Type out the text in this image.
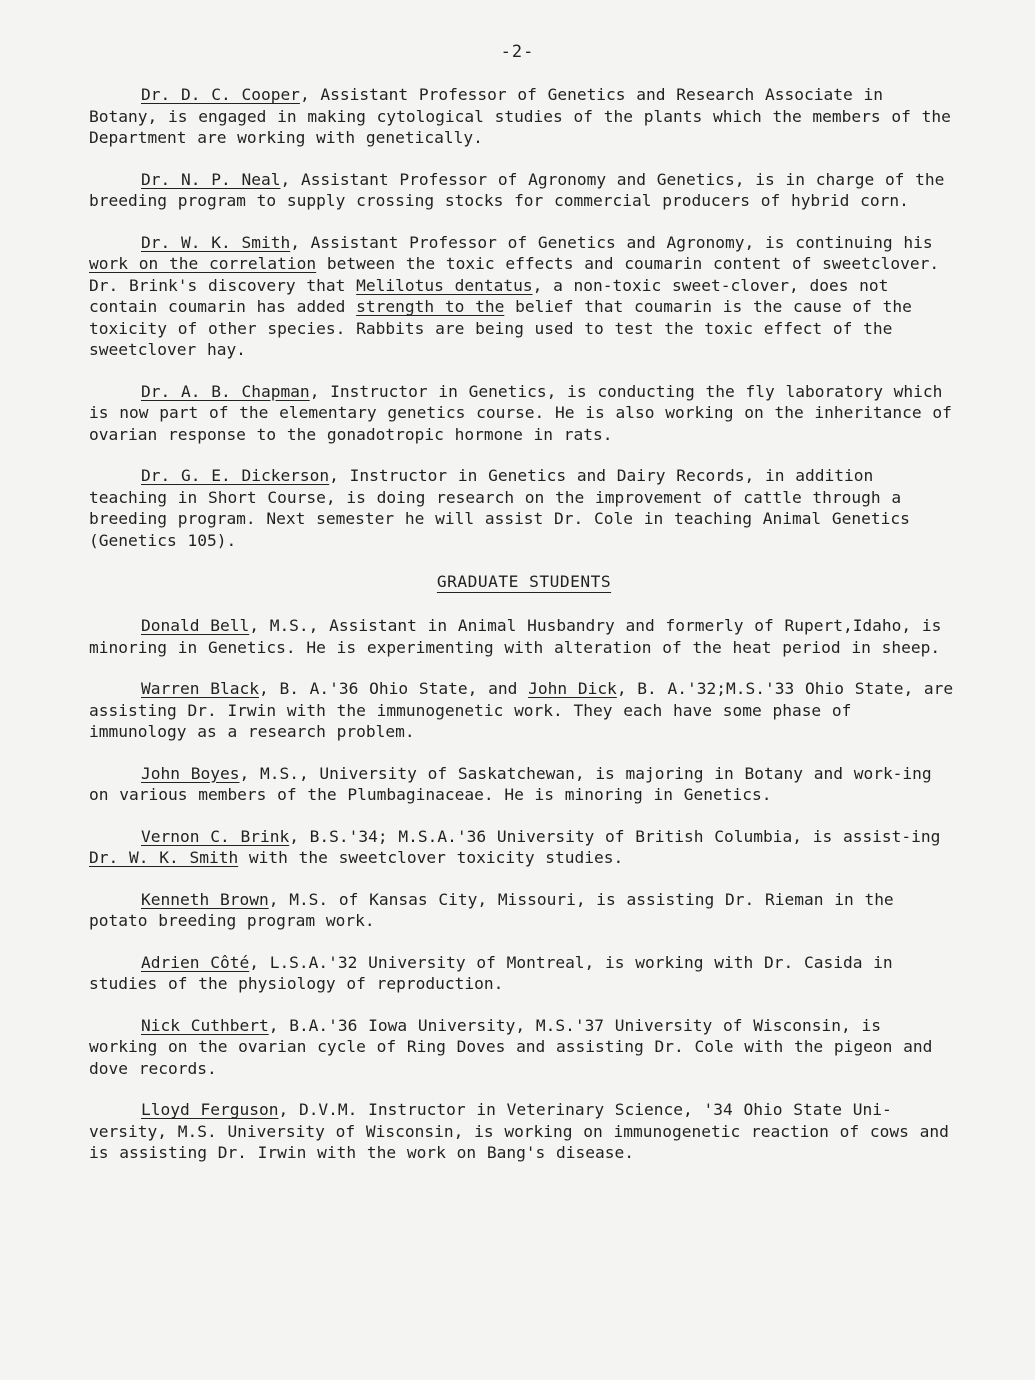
-2-

Dr. D. C. Cooper, Assistant Professor of Genetics and Research Associate in Botany, is engaged in making cytological studies of the plants which the members of the Department are working with genetically.

Dr. N. P. Neal, Assistant Professor of Agronomy and Genetics, is in charge of the breeding program to supply crossing stocks for commercial producers of hybrid corn.

Dr. W. K. Smith, Assistant Professor of Genetics and Agronomy, is continuing his work on the correlation between the toxic effects and coumarin content of sweetclover. Dr. Brink's discovery that Melilotus dentatus, a non-toxic sweet-clover, does not contain coumarin has added strength to the belief that coumarin is the cause of the toxicity of other species. Rabbits are being used to test the toxic effect of the sweetclover hay.

Dr. A. B. Chapman, Instructor in Genetics, is conducting the fly laboratory which is now part of the elementary genetics course. He is also working on the inheritance of ovarian response to the gonadotropic hormone in rats.

Dr. G. E. Dickerson, Instructor in Genetics and Dairy Records, in addition teaching in Short Course, is doing research on the improvement of cattle through a breeding program. Next semester he will assist Dr. Cole in teaching Animal Genetics (Genetics 105).

GRADUATE STUDENTS

Donald Bell, M.S., Assistant in Animal Husbandry and formerly of Rupert,Idaho, is minoring in Genetics. He is experimenting with alteration of the heat period in sheep.

Warren Black, B. A.'36 Ohio State, and John Dick, B. A.'32;M.S.'33 Ohio State, are assisting Dr. Irwin with the immunogenetic work. They each have some phase of immunology as a research problem.

John Boyes, M.S., University of Saskatchewan, is majoring in Botany and work-ing on various members of the Plumbaginaceae. He is minoring in Genetics.

Vernon C. Brink, B.S.'34; M.S.A.'36 University of British Columbia, is assist-ing Dr. W. K. Smith with the sweetclover toxicity studies.

Kenneth Brown, M.S. of Kansas City, Missouri, is assisting Dr. Rieman in the potato breeding program work.

Adrien Côté, L.S.A.'32 University of Montreal, is working with Dr. Casida in studies of the physiology of reproduction.

Nick Cuthbert, B.A.'36 Iowa University, M.S.'37 University of Wisconsin, is working on the ovarian cycle of Ring Doves and assisting Dr. Cole with the pigeon and dove records.

Lloyd Ferguson, D.V.M. Instructor in Veterinary Science, '34 Ohio State Uni-versity, M.S. University of Wisconsin, is working on immunogenetic reaction of cows and is assisting Dr. Irwin with the work on Bang's disease.
